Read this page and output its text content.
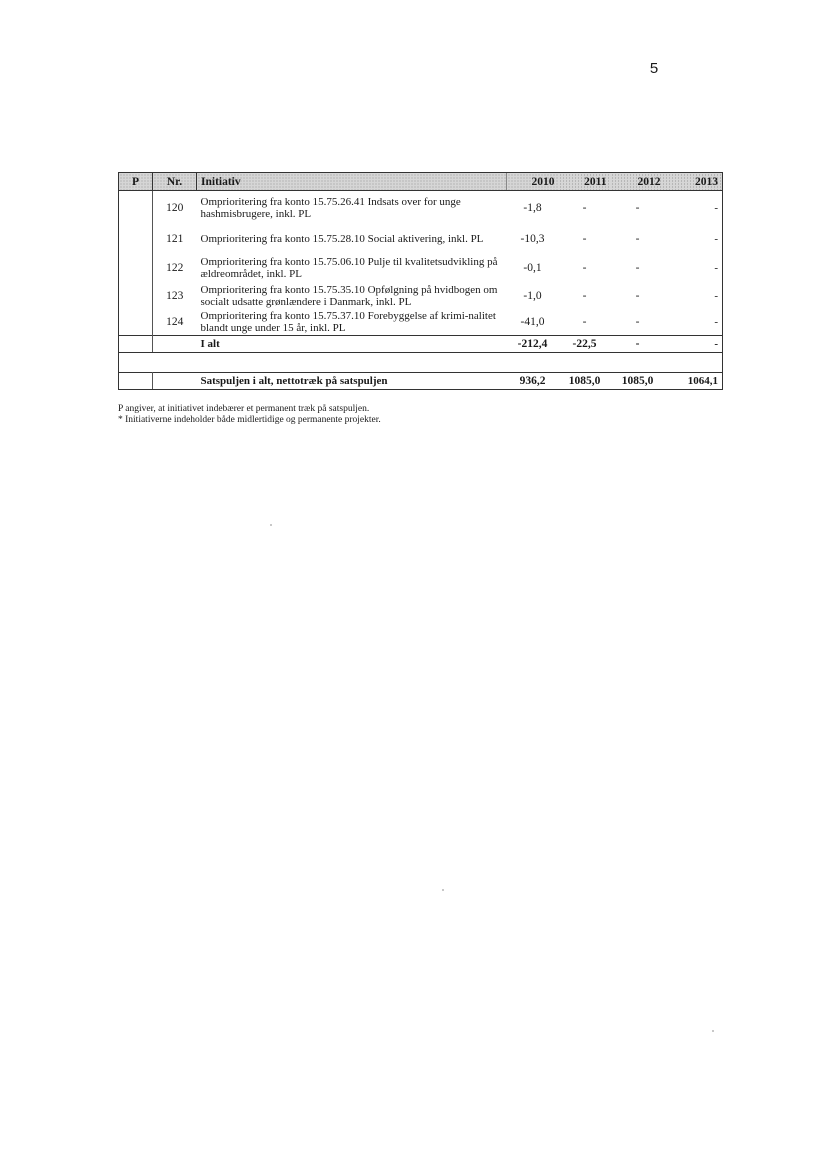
5
P	Nr.	Initiativ	2010	2011	2012	2013
	120	Omprioritering fra konto 15.75.26.41 Indsats over for unge hashmisbrugere, inkl. PL	-1,8	-	-	-
	121	Omprioritering fra konto 15.75.28.10 Social aktivering, inkl. PL	-10,3	-	-	-
	122	Omprioritering fra konto 15.75.06.10 Pulje til kvalitetsudvikling på ældreområdet, inkl. PL	-0,1	-	-	-
	123	Omprioritering fra konto 15.75.35.10 Opfølgning på hvidbogen om socialt udsatte grønlændere i Danmark, inkl. PL	-1,0	-	-	-
	124	Omprioritering fra konto 15.75.37.10 Forebyggelse af krimi-nalitet blandt unge under 15 år, inkl. PL	-41,0	-	-	-
		I alt	-212,4	-22,5	-	-

		Satspuljen i alt, nettotræk på satspuljen	936,2	1085,0	1085,0	1064,1

P angiver, at initiativet indebærer et permanent træk på satspuljen.

* Initiativerne indeholder både midlertidige og permanente projekter.
